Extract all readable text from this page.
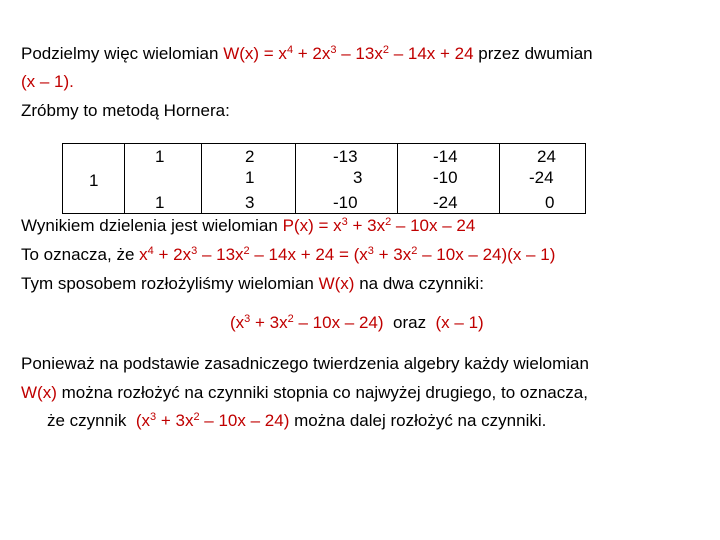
Podzielmy więc wielomian $W(x) = x^4 + 2x^3 - 13x^2 - 14x + 24$ przez dwumian
(x – 1).
Zróbmy to metodą Hornera:
1
1
1
2
1
3
-13
3
-10
-14
-10
-24
24
-24
0
Wynikiem dzielenia jest wielomian $P(x) = x^3 + 3x^2 - 10x - 24$
To oznacza, że $x^4 + 2x^3 - 13x^2 - 14x + 24 = (x^3 + 3x^2 - 10x - 24)(x - 1)$
Tym sposobem rozłożyliśmy wielomian W(x) na dwa czynniki:
$(x^3 + 3x^2 - 10x - 24)$  oraz  (x – 1)
Ponieważ na podstawie zasadniczego twierdzenia algebry każdy wielomian
W(x) można rozłożyć na czynniki stopnia co najwyżej drugiego, to oznacza,
że czynnik  $(x^3 + 3x^2 - 10x - 24)$ można dalej rozłożyć na czynniki.
